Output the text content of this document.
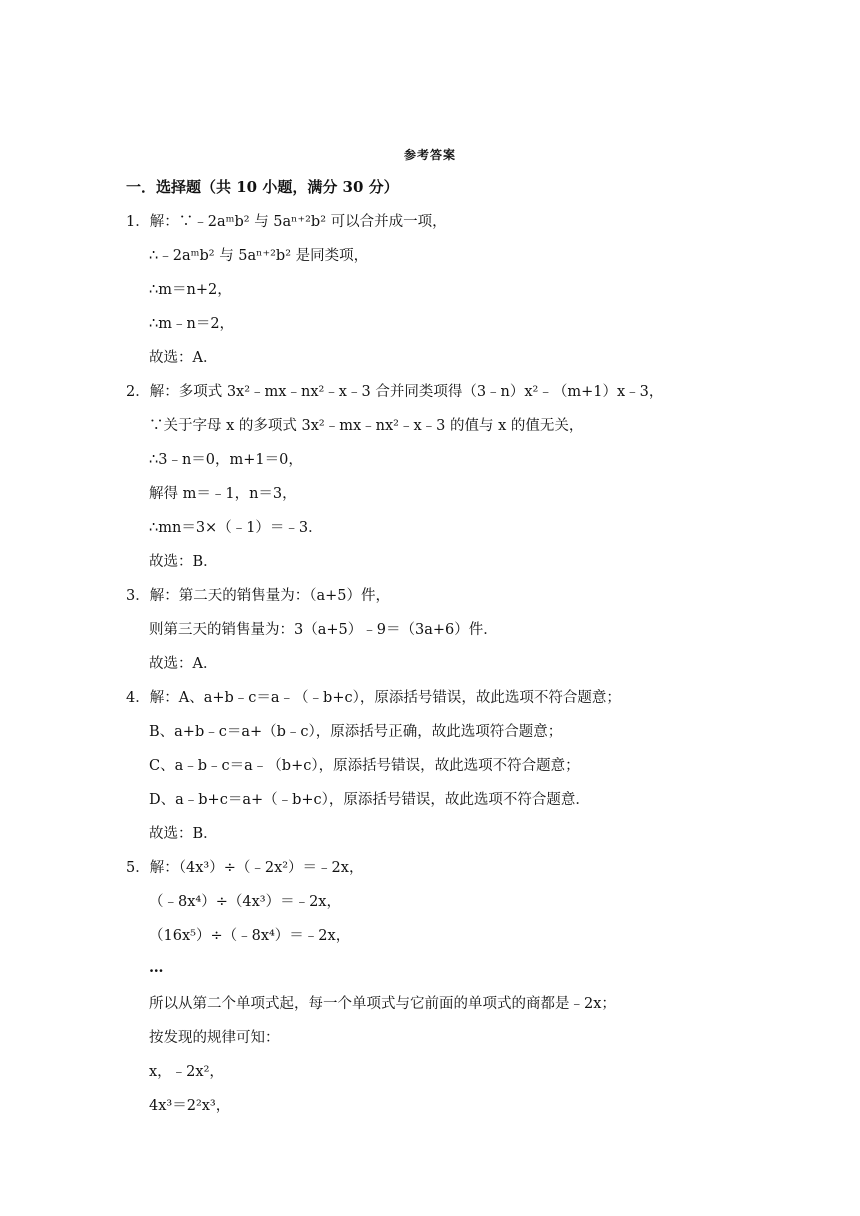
参考答案
一．选择题（共 10 小题，满分 30 分）
1．解：∵﹣2aᵐb² 与 5aⁿ⁺²b² 可以合并成一项，
∴﹣2aᵐb² 与 5aⁿ⁺²b² 是同类项，
∴m＝n+2，
∴m﹣n＝2，
故选：A．
2．解：多项式 3x²﹣mx﹣nx²﹣x﹣3 合并同类项得（3﹣n）x²﹣（m+1）x﹣3，
∵关于字母 x 的多项式 3x²﹣mx﹣nx²﹣x﹣3 的值与 x 的值无关，
∴3﹣n＝0，m+1＝0，
解得 m＝﹣1，n＝3，
∴mn＝3×（﹣1）＝﹣3．
故选：B．
3．解：第二天的销售量为：（a+5）件，
则第三天的销售量为：3（a+5）﹣9＝（3a+6）件．
故选：A．
4．解：A、a+b﹣c＝a﹣（﹣b+c），原添括号错误，故此选项不符合题意；
B、a+b﹣c＝a+（b﹣c），原添括号正确，故此选项符合题意；
C、a﹣b﹣c＝a﹣（b+c），原添括号错误，故此选项不符合题意；
D、a﹣b+c＝a+（﹣b+c），原添括号错误，故此选项不符合题意．
故选：B．
5．解：（4x³）÷（﹣2x²）＝﹣2x，
（﹣8x⁴）÷（4x³）＝﹣2x，
（16x⁵）÷（﹣8x⁴）＝﹣2x，
…
所以从第二个单项式起，每一个单项式与它前面的单项式的商都是﹣2x；
按发现的规律可知：
x，﹣2x²，
4x³＝2²x³，
